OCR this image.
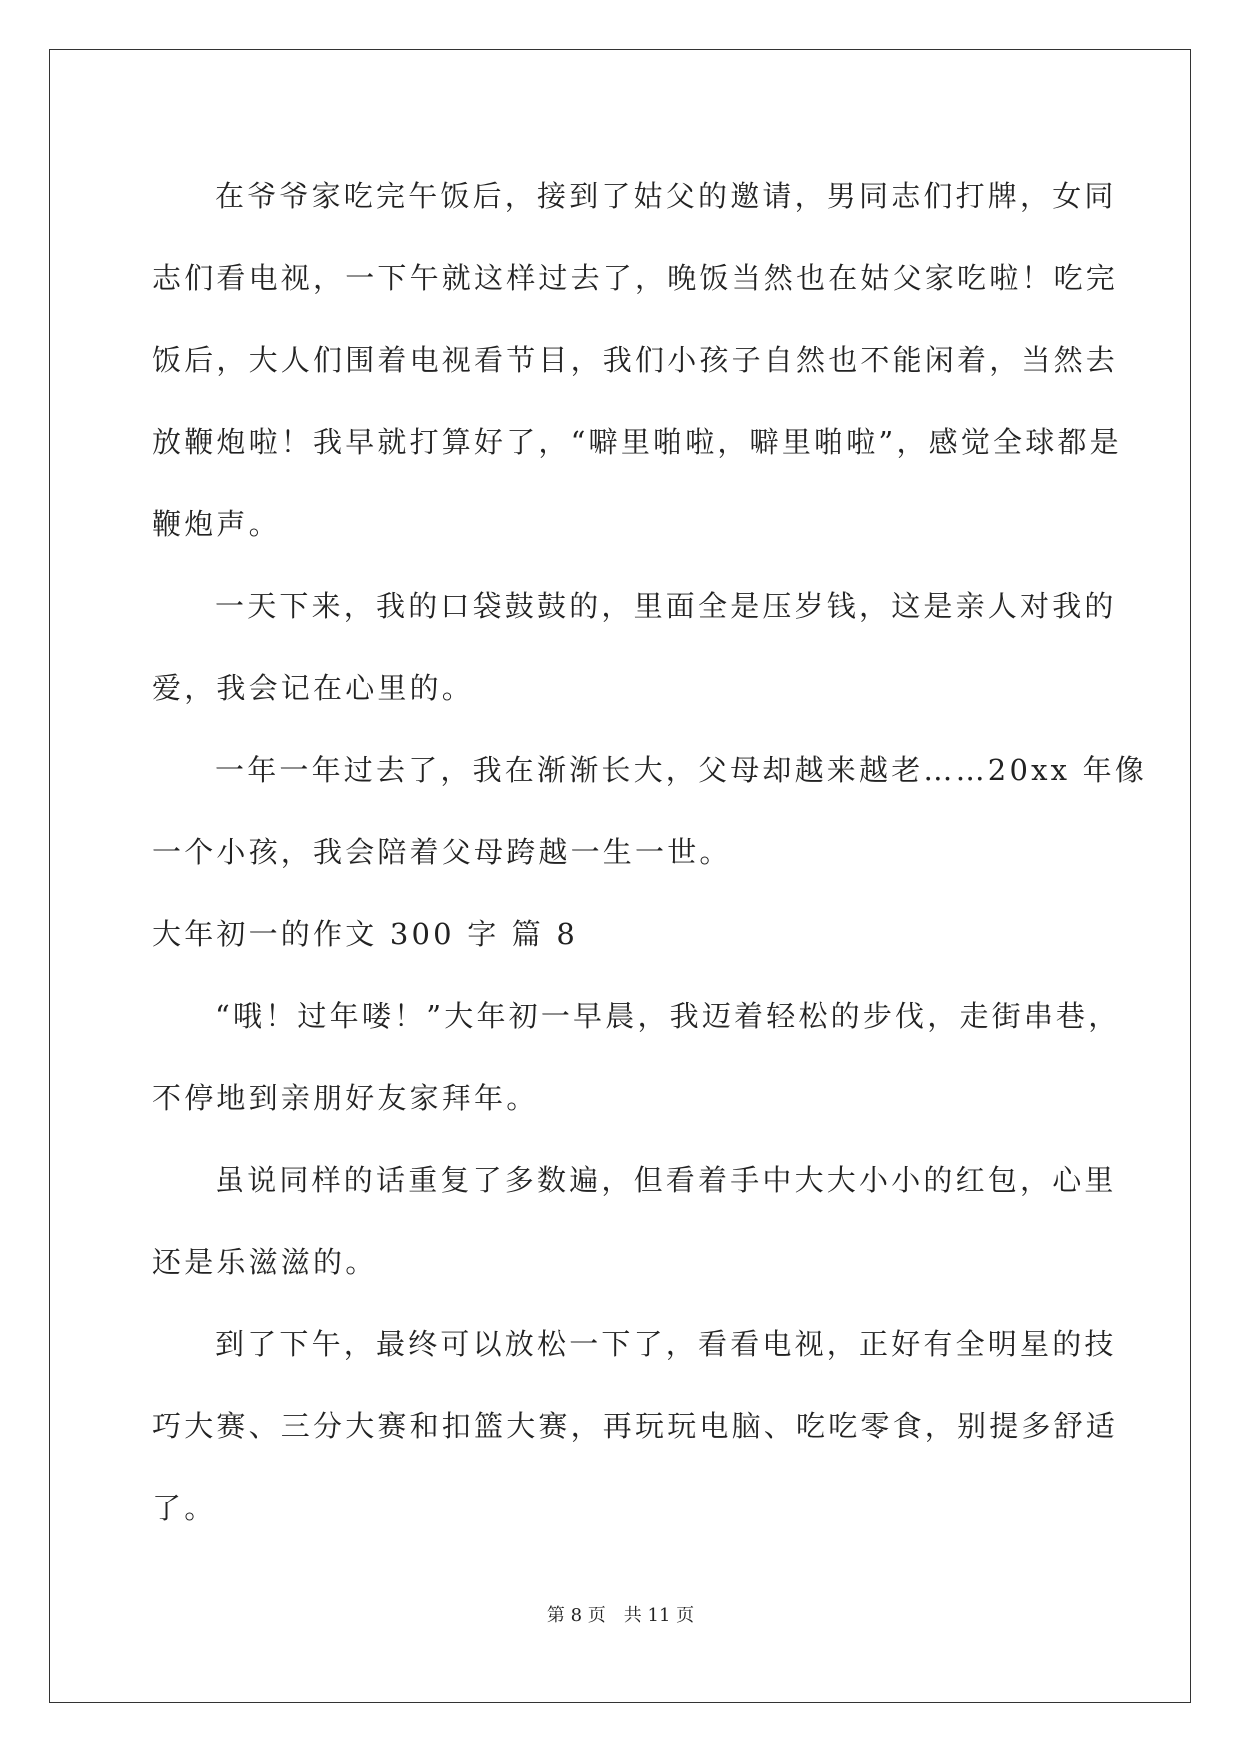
在爷爷家吃完午饭后，接到了姑父的邀请，男同志们打牌，女同
志们看电视，一下午就这样过去了，晚饭当然也在姑父家吃啦！吃完
饭后，大人们围着电视看节目，我们小孩子自然也不能闲着，当然去
放鞭炮啦！我早就打算好了，“噼里啪啦，噼里啪啦”，感觉全球都是
鞭炮声。
一天下来，我的口袋鼓鼓的，里面全是压岁钱，这是亲人对我的
爱，我会记在心里的。
一年一年过去了，我在渐渐长大，父母却越来越老……20xx 年像
一个小孩，我会陪着父母跨越一生一世。
大年初一的作文 300 字 篇 8
“哦！过年喽！”大年初一早晨，我迈着轻松的步伐，走街串巷，
不停地到亲朋好友家拜年。
虽说同样的话重复了多数遍，但看着手中大大小小的红包，心里
还是乐滋滋的。
到了下午，最终可以放松一下了，看看电视，正好有全明星的技
巧大赛、三分大赛和扣篮大赛，再玩玩电脑、吃吃零食，别提多舒适
了。
第 8 页 共 11 页
